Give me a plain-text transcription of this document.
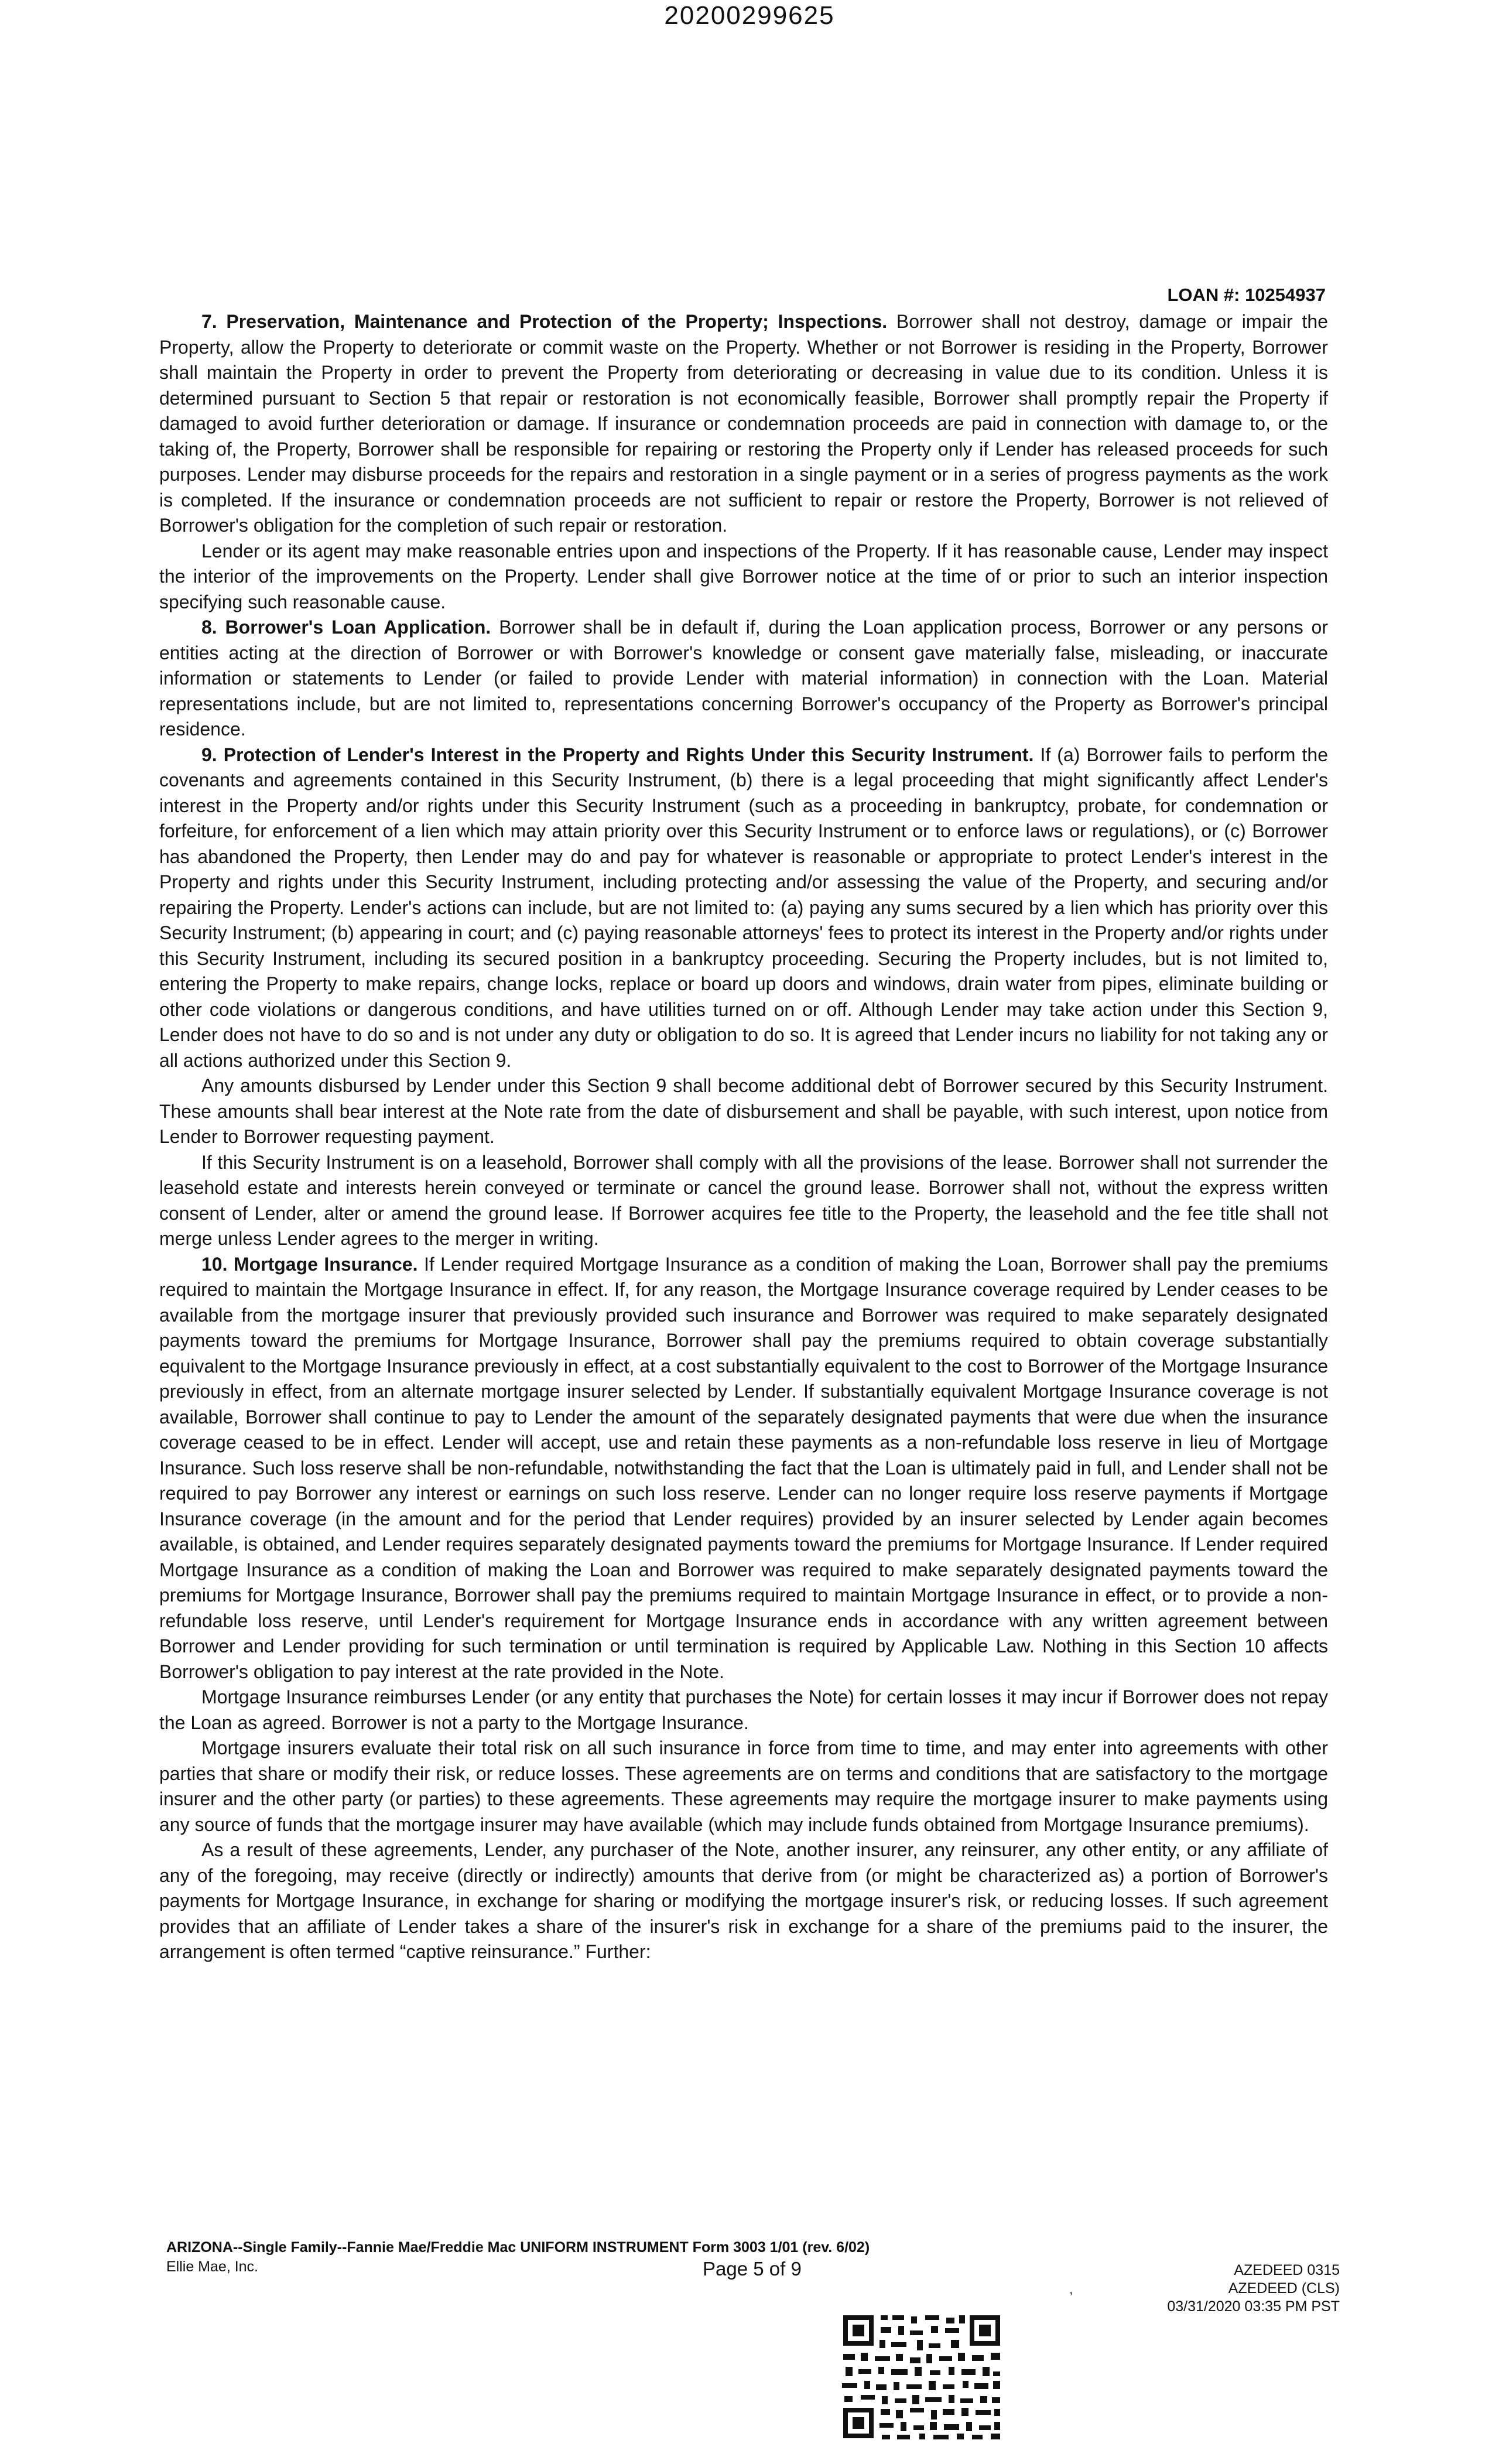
20200299625
LOAN #: 10254937

7. Preservation, Maintenance and Protection of the Property; Inspections. Borrower shall not destroy, damage or impair the Property, allow the Property to deteriorate or commit waste on the Property. Whether or not Borrower is residing in the Property, Borrower shall maintain the Property in order to prevent the Property from deteriorating or decreasing in value due to its condition. Unless it is determined pursuant to Section 5 that repair or restoration is not economically feasible, Borrower shall promptly repair the Property if damaged to avoid further deterioration or damage. If insurance or condemnation proceeds are paid in connection with damage to, or the taking of, the Property, Borrower shall be responsible for repairing or restoring the Property only if Lender has released proceeds for such purposes. Lender may disburse proceeds for the repairs and restoration in a single payment or in a series of progress payments as the work is completed. If the insurance or condemnation proceeds are not sufficient to repair or restore the Property, Borrower is not relieved of Borrower's obligation for the completion of such repair or restoration.

Lender or its agent may make reasonable entries upon and inspections of the Property. If it has reasonable cause, Lender may inspect the interior of the improvements on the Property. Lender shall give Borrower notice at the time of or prior to such an interior inspection specifying such reasonable cause.

8. Borrower's Loan Application. Borrower shall be in default if, during the Loan application process, Borrower or any persons or entities acting at the direction of Borrower or with Borrower's knowledge or consent gave materially false, misleading, or inaccurate information or statements to Lender (or failed to provide Lender with material information) in connection with the Loan. Material representations include, but are not limited to, representations concerning Borrower's occupancy of the Property as Borrower's principal residence.

9. Protection of Lender's Interest in the Property and Rights Under this Security Instrument. If (a) Borrower fails to perform the covenants and agreements contained in this Security Instrument, (b) there is a legal proceeding that might significantly affect Lender's interest in the Property and/or rights under this Security Instrument (such as a proceeding in bankruptcy, probate, for condemnation or forfeiture, for enforcement of a lien which may attain priority over this Security Instrument or to enforce laws or regulations), or (c) Borrower has abandoned the Property, then Lender may do and pay for whatever is reasonable or appropriate to protect Lender's interest in the Property and rights under this Security Instrument, including protecting and/or assessing the value of the Property, and securing and/or repairing the Property. Lender's actions can include, but are not limited to: (a) paying any sums secured by a lien which has priority over this Security Instrument; (b) appearing in court; and (c) paying reasonable attorneys' fees to protect its interest in the Property and/or rights under this Security Instrument, including its secured position in a bankruptcy proceeding. Securing the Property includes, but is not limited to, entering the Property to make repairs, change locks, replace or board up doors and windows, drain water from pipes, eliminate building or other code violations or dangerous conditions, and have utilities turned on or off. Although Lender may take action under this Section 9, Lender does not have to do so and is not under any duty or obligation to do so. It is agreed that Lender incurs no liability for not taking any or all actions authorized under this Section 9.

Any amounts disbursed by Lender under this Section 9 shall become additional debt of Borrower secured by this Security Instrument. These amounts shall bear interest at the Note rate from the date of disbursement and shall be payable, with such interest, upon notice from Lender to Borrower requesting payment.

If this Security Instrument is on a leasehold, Borrower shall comply with all the provisions of the lease. Borrower shall not surrender the leasehold estate and interests herein conveyed or terminate or cancel the ground lease. Borrower shall not, without the express written consent of Lender, alter or amend the ground lease. If Borrower acquires fee title to the Property, the leasehold and the fee title shall not merge unless Lender agrees to the merger in writing.

10. Mortgage Insurance. If Lender required Mortgage Insurance as a condition of making the Loan, Borrower shall pay the premiums required to maintain the Mortgage Insurance in effect. If, for any reason, the Mortgage Insurance coverage required by Lender ceases to be available from the mortgage insurer that previously provided such insurance and Borrower was required to make separately designated payments toward the premiums for Mortgage Insurance, Borrower shall pay the premiums required to obtain coverage substantially equivalent to the Mortgage Insurance previously in effect, at a cost substantially equivalent to the cost to Borrower of the Mortgage Insurance previously in effect, from an alternate mortgage insurer selected by Lender. If substantially equivalent Mortgage Insurance coverage is not available, Borrower shall continue to pay to Lender the amount of the separately designated payments that were due when the insurance coverage ceased to be in effect. Lender will accept, use and retain these payments as a non-refundable loss reserve in lieu of Mortgage Insurance. Such loss reserve shall be non-refundable, notwithstanding the fact that the Loan is ultimately paid in full, and Lender shall not be required to pay Borrower any interest or earnings on such loss reserve. Lender can no longer require loss reserve payments if Mortgage Insurance coverage (in the amount and for the period that Lender requires) provided by an insurer selected by Lender again becomes available, is obtained, and Lender requires separately designated payments toward the premiums for Mortgage Insurance. If Lender required Mortgage Insurance as a condition of making the Loan and Borrower was required to make separately designated payments toward the premiums for Mortgage Insurance, Borrower shall pay the premiums required to maintain Mortgage Insurance in effect, or to provide a non-refundable loss reserve, until Lender's requirement for Mortgage Insurance ends in accordance with any written agreement between Borrower and Lender providing for such termination or until termination is required by Applicable Law. Nothing in this Section 10 affects Borrower's obligation to pay interest at the rate provided in the Note.

Mortgage Insurance reimburses Lender (or any entity that purchases the Note) for certain losses it may incur if Borrower does not repay the Loan as agreed. Borrower is not a party to the Mortgage Insurance.

Mortgage insurers evaluate their total risk on all such insurance in force from time to time, and may enter into agreements with other parties that share or modify their risk, or reduce losses. These agreements are on terms and conditions that are satisfactory to the mortgage insurer and the other party (or parties) to these agreements. These agreements may require the mortgage insurer to make payments using any source of funds that the mortgage insurer may have available (which may include funds obtained from Mortgage Insurance premiums).

As a result of these agreements, Lender, any purchaser of the Note, another insurer, any reinsurer, any other entity, or any affiliate of any of the foregoing, may receive (directly or indirectly) amounts that derive from (or might be characterized as) a portion of Borrower's payments for Mortgage Insurance, in exchange for sharing or modifying the mortgage insurer's risk, or reducing losses. If such agreement provides that an affiliate of Lender takes a share of the insurer's risk in exchange for a share of the premiums paid to the insurer, the arrangement is often termed “captive reinsurance.” Further:

ARIZONA--Single Family--Fannie Mae/Freddie Mac UNIFORM INSTRUMENT Form 3003 1/01 (rev. 6/02)
Ellie Mae, Inc.	Page 5 of 9
,
AZEDEED 0315
AZEDEED (CLS)
03/31/2020 03:35 PM PST
